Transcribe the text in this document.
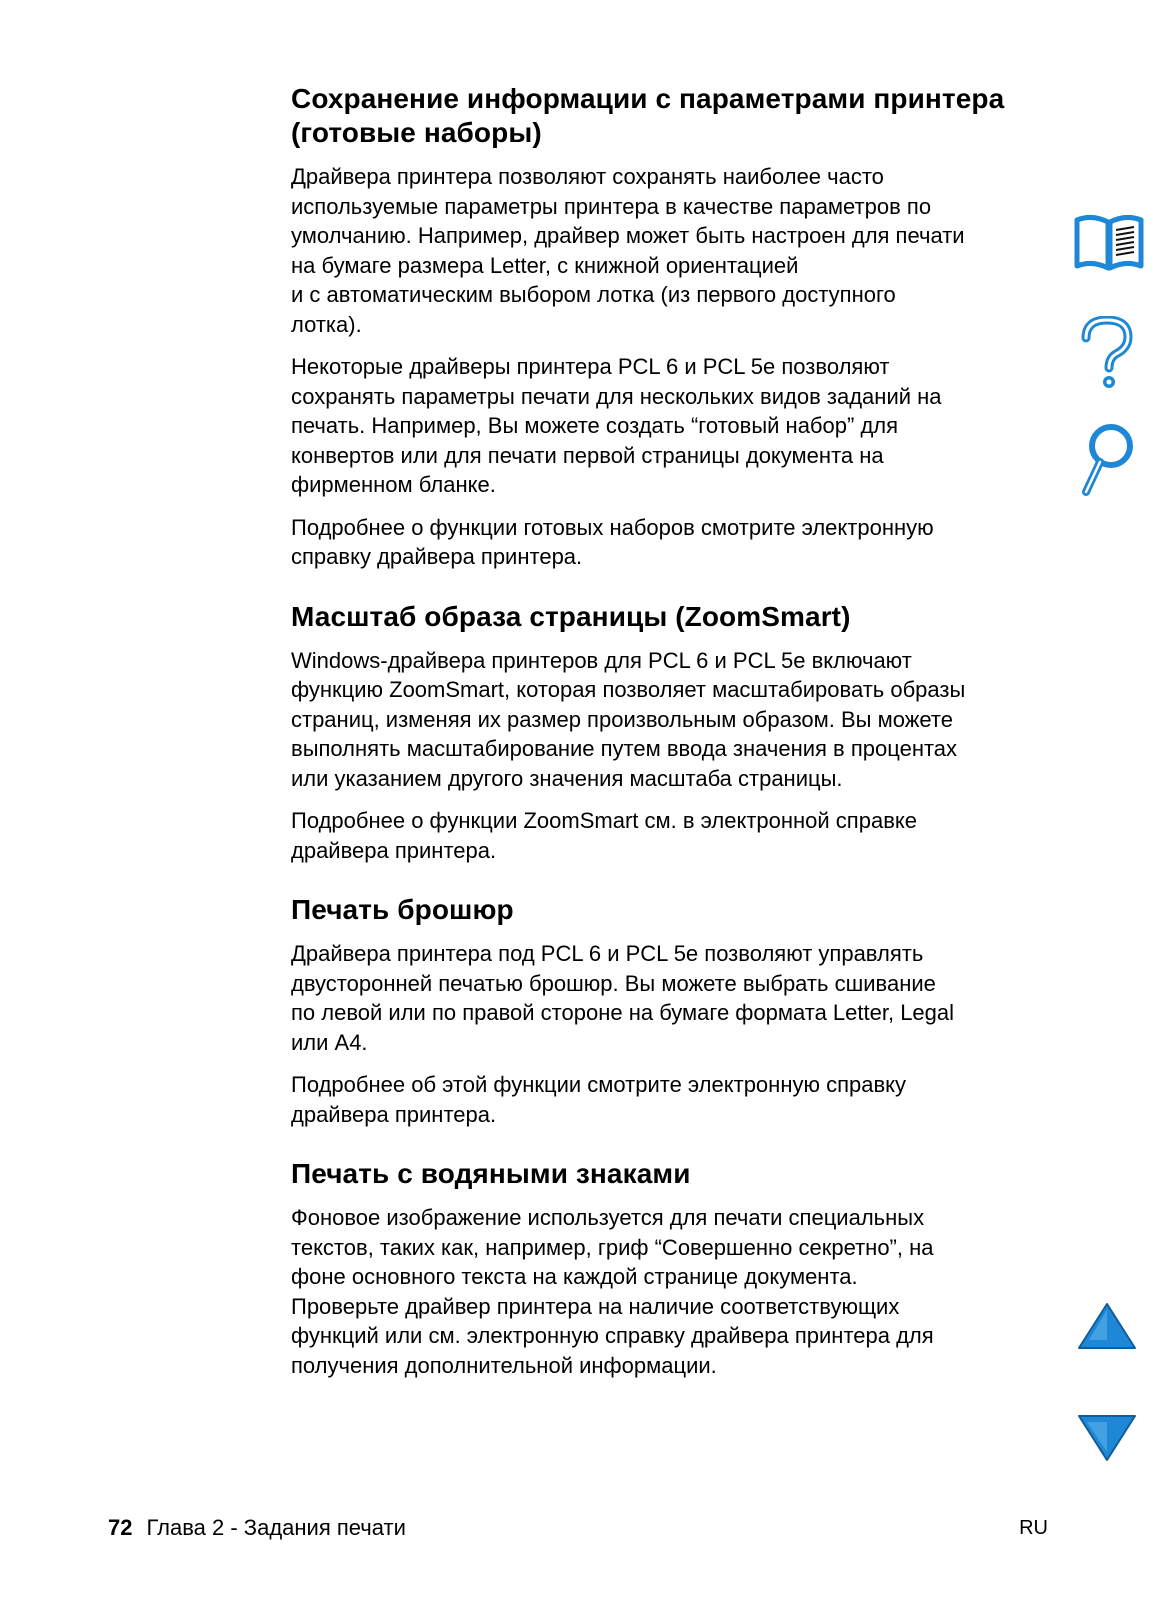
Сохранение информации с параметрами принтера
(готовые наборы)

Драйвера принтера позволяют сохранять наиболее часто
используемые параметры принтера в качестве параметров по
умолчанию. Например, драйвер может быть настроен для печати
на бумаге размера Letter, с книжной ориентацией
и с автоматическим выбором лотка (из первого доступного
лотка).

Некоторые драйверы принтера PCL 6 и PCL 5e позволяют
сохранять параметры печати для нескольких видов заданий на
печать. Например, Вы можете создать “готовый набор” для
конвертов или для печати первой страницы документа на
фирменном бланке.

Подробнее о функции готовых наборов смотрите электронную
справку драйвера принтера.

Масштаб образа страницы (ZoomSmart)

Windows-драйвера принтеров для PCL 6 и PCL 5e включают
функцию ZoomSmart, которая позволяет масштабировать образы
страниц, изменяя их размер произвольным образом. Вы можете
выполнять масштабирование путем ввода значения в процентах
или указанием другого значения масштаба страницы.

Подробнее о функции ZoomSmart см. в электронной справке
драйвера принтера.

Печать брошюр

Драйвера принтера под PCL 6 и PCL 5e позволяют управлять
двусторонней печатью брошюр. Вы можете выбрать сшивание
по левой или по правой стороне на бумаге формата Letter, Legal
или A4.

Подробнее об этой функции смотрите электронную справку
драйвера принтера.

Печать с водяными знаками

Фоновое изображение используется для печати специальных
текстов, таких как, например, гриф “Совершенно секретно”, на
фоне основного текста на каждой странице документа.
Проверьте драйвер принтера на наличие соответствующих
функций или см. электронную справку драйвера принтера для
получения дополнительной информации.

72 Глава 2 - Задания печати	RU
